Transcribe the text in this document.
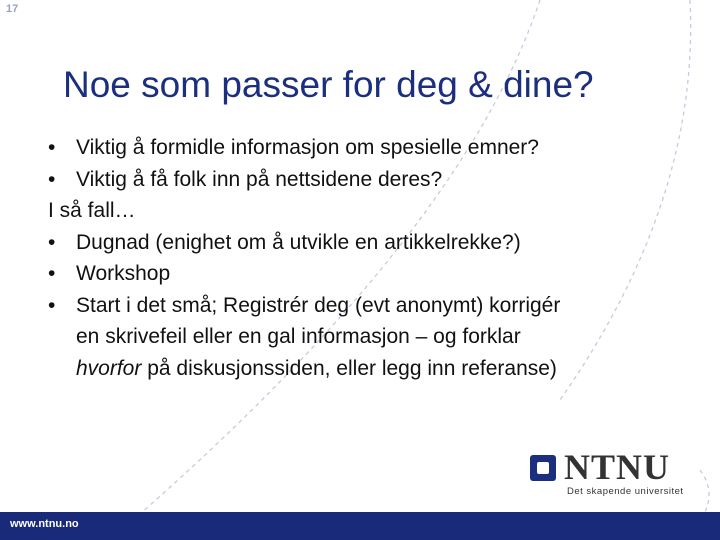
17
Noe som passer for deg & dine?
• Viktig å formidle informasjon om spesielle emner?
• Viktig å få folk inn på nettsidene deres?
I så fall…
• Dugnad (enighet om å utvikle en artikkelrekke?)
• Workshop
• Start i det små; Registrér deg (evt anonymt) korrigér
en skrivefeil eller en gal informasjon – og forklar
hvorfor på diskusjonssiden, eller legg inn referanse)
NTNU
Det skapende universitet
www.ntnu.no
